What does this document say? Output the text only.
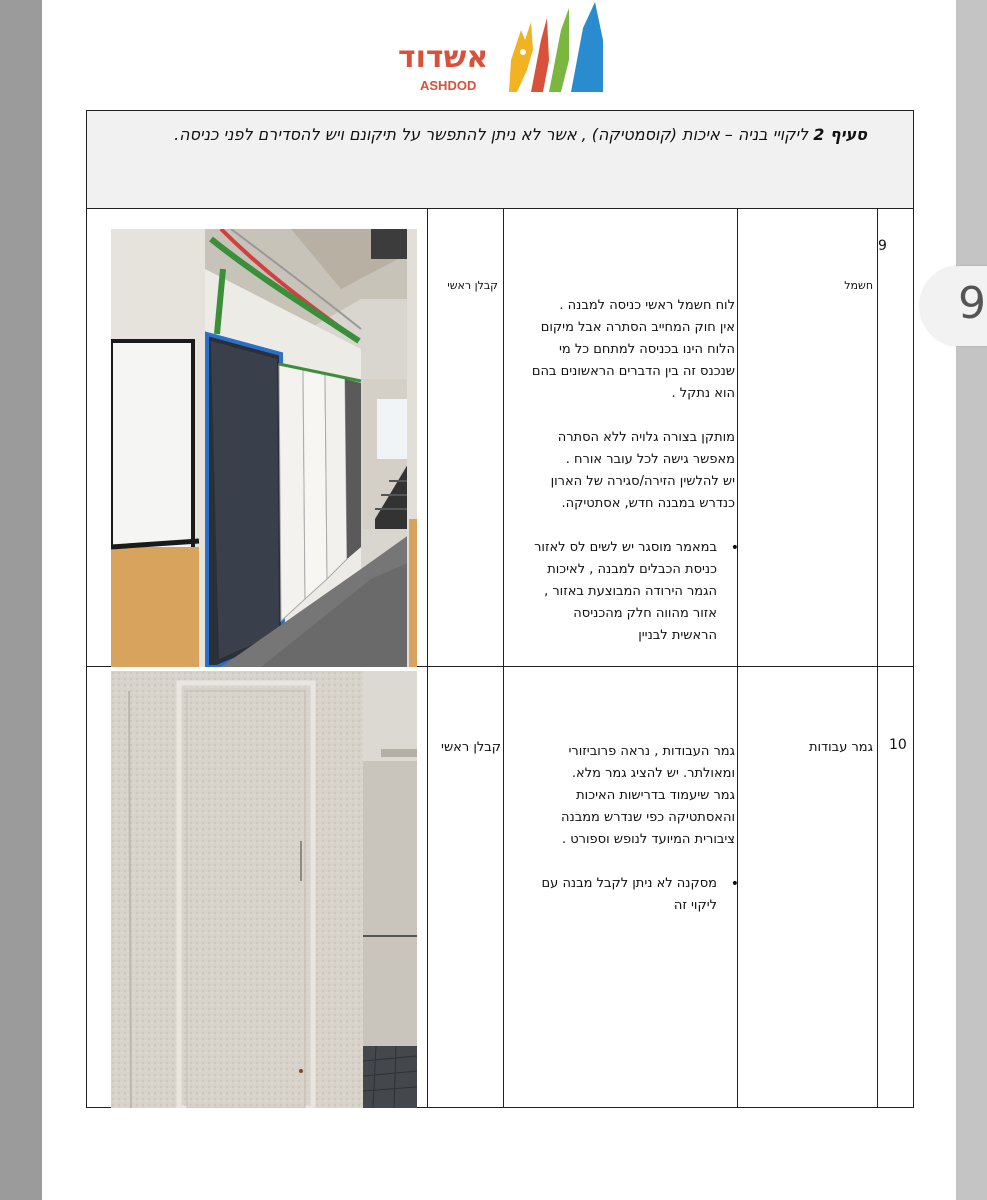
9
אשדוד
ASHDOD
סעיף 2 ליקויי בניה – איכות (קוסמטיקה) , אשר לא ניתן להתפשר על תיקונם ויש להסדירם לפני כניסה.
9
חשמל
קבלן ראשי
לוח חשמל ראשי כניסה למבנה .
אין חוק המחייב הסתרה אבל מיקום
הלוח הינו בכניסה למתחם כל מי
שנכנס זה בין הדברים הראשונים בהם
הוא נתקל .
מותקן בצורה גלויה ללא הסתרה
מאפשר גישה לכל עובר אורח .
יש להלשין הזירה/סגירה של הארון
כנדרש במבנה חדש, אסתטיקה.
• במאמר מוסגר יש לשים לס לאזור
כניסת הכבלים למבנה , לאיכות
הגמר הירודה המבוצעת באזור ,
אזור מהווה חלק מהכניסה
הראשית לבניין
10
גמר עבודות
קבלן ראשי	גמר העבודות , נראה פרוביזורי
ומאולתר. יש להציג גמר מלא.
גמר שיעמוד בדרישות האיכות
והאסתטיקה כפי שנדרש ממבנה
ציבורית המיועד לנופש וספורט .
• מסקנה לא ניתן לקבל מבנה עם
ליקוי זה
